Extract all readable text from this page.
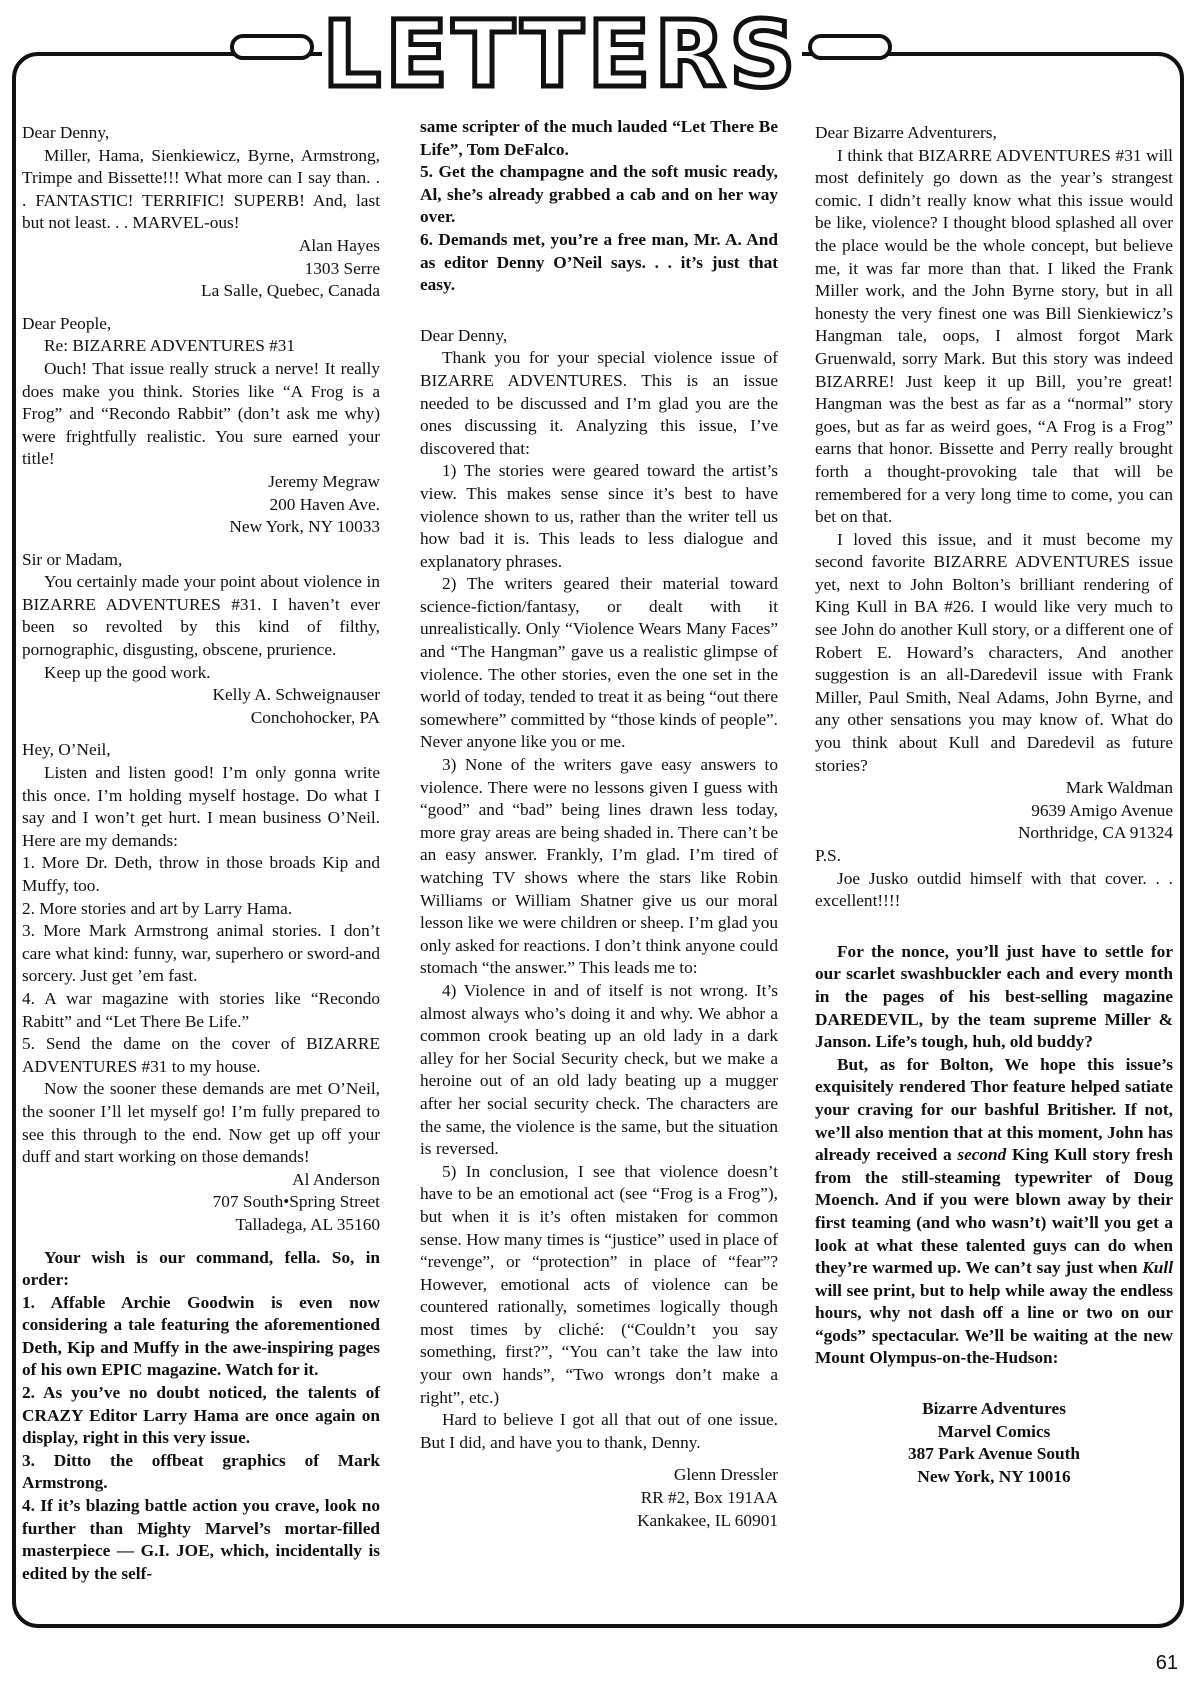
LETTERS

Dear Denny,

Miller, Hama, Sienkiewicz, Byrne, Armstrong, Trimpe and Bissette!!! What more can I say than. . . FANTASTIC! TERRIFIC! SUPERB! And, last but not least. . . MARVEL-ous!

Alan Hayes

1303 Serre

La Salle, Quebec, Canada

Dear People,

Re: BIZARRE ADVENTURES #31

Ouch! That issue really struck a nerve! It really does make you think. Stories like “A Frog is a Frog” and “Recondo Rabbit” (don’t ask me why) were frightfully realistic. You sure earned your title!

Jeremy Megraw

200 Haven Ave.

New York, NY 10033

Sir or Madam,

You certainly made your point about violence in BIZARRE ADVENTURES #31. I haven’t ever been so revolted by this kind of filthy, pornographic, disgusting, obscene, prurience.

Keep up the good work.

Kelly A. Schweignauser

Conchohocker, PA

Hey, O’Neil,

Listen and listen good! I’m only gonna write this once. I’m holding myself hostage. Do what I say and I won’t get hurt. I mean business O’Neil. Here are my demands:

1. More Dr. Deth, throw in those broads Kip and Muffy, too.

2. More stories and art by Larry Hama.

3. More Mark Armstrong animal stories. I don’t care what kind: funny, war, superhero or sword-and sorcery. Just get ’em fast.

4. A war magazine with stories like “Recondo Rabitt” and “Let There Be Life.”

5. Send the dame on the cover of BIZARRE ADVENTURES #31 to my house.

Now the sooner these demands are met O’Neil, the sooner I’ll let myself go! I’m fully prepared to see this through to the end. Now get up off your duff and start working on those demands!

Al Anderson

707 South•Spring Street

Talladega, AL 35160

Your wish is our command, fella. So, in order:

1. Affable Archie Goodwin is even now considering a tale featuring the aforementioned Deth, Kip and Muffy in the awe-inspiring pages of his own EPIC magazine. Watch for it.

2. As you’ve no doubt noticed, the talents of CRAZY Editor Larry Hama are once again on display, right in this very issue.

3. Ditto the offbeat graphics of Mark Armstrong.

4. If it’s blazing battle action you crave, look no further than Mighty Marvel’s mortar-filled masterpiece — G.I. JOE, which, incidentally is edited by the self-

same scripter of the much lauded “Let There Be Life”, Tom DeFalco.

5. Get the champagne and the soft music ready, Al, she’s already grabbed a cab and on her way over.

6. Demands met, you’re a free man, Mr. A. And as editor Denny O’Neil says. . . it’s just that easy.

Dear Denny,

Thank you for your special violence issue of BIZARRE ADVENTURES. This is an issue needed to be discussed and I’m glad you are the ones discussing it. Analyzing this issue, I’ve discovered that:

1) The stories were geared toward the artist’s view. This makes sense since it’s best to have violence shown to us, rather than the writer tell us how bad it is. This leads to less dialogue and explanatory phrases.

2) The writers geared their material toward science-fiction/fantasy, or dealt with it unrealistically. Only “Violence Wears Many Faces” and “The Hangman” gave us a realistic glimpse of violence. The other stories, even the one set in the world of today, tended to treat it as being “out there somewhere” committed by “those kinds of people”. Never anyone like you or me.

3) None of the writers gave easy answers to violence. There were no lessons given I guess with “good” and “bad” being lines drawn less today, more gray areas are being shaded in. There can’t be an easy answer. Frankly, I’m glad. I’m tired of watching TV shows where the stars like Robin Williams or William Shatner give us our moral lesson like we were children or sheep. I’m glad you only asked for reactions. I don’t think anyone could stomach “the answer.” This leads me to:

4) Violence in and of itself is not wrong. It’s almost always who’s doing it and why. We abhor a common crook beating up an old lady in a dark alley for her Social Security check, but we make a heroine out of an old lady beating up a mugger after her social security check. The characters are the same, the violence is the same, but the situation is reversed.

5) In conclusion, I see that violence doesn’t have to be an emotional act (see “Frog is a Frog”), but when it is it’s often mistaken for common sense. How many times is “justice” used in place of “revenge”, or “protection” in place of “fear”? However, emotional acts of violence can be countered rationally, sometimes logically though most times by cliché: (“Couldn’t you say something, first?”, “You can’t take the law into your own hands”, “Two wrongs don’t make a right”, etc.)

Hard to believe I got all that out of one issue. But I did, and have you to thank, Denny.

Glenn Dressler

RR #2, Box 191AA

Kankakee, IL 60901

Dear Bizarre Adventurers,

I think that BIZARRE ADVENTURES #31 will most definitely go down as the year’s strangest comic. I didn’t really know what this issue would be like, violence? I thought blood splashed all over the place would be the whole concept, but believe me, it was far more than that. I liked the Frank Miller work, and the John Byrne story, but in all honesty the very finest one was Bill Sienkiewicz’s Hangman tale, oops, I almost forgot Mark Gruenwald, sorry Mark. But this story was indeed BIZARRE! Just keep it up Bill, you’re great! Hangman was the best as far as a “normal” story goes, but as far as weird goes, “A Frog is a Frog” earns that honor. Bissette and Perry really brought forth a thought-provoking tale that will be remembered for a very long time to come, you can bet on that.

I loved this issue, and it must become my second favorite BIZARRE ADVENTURES issue yet, next to John Bolton’s brilliant rendering of King Kull in BA #26. I would like very much to see John do another Kull story, or a different one of Robert E. Howard’s characters, And another suggestion is an all-Daredevil issue with Frank Miller, Paul Smith, Neal Adams, John Byrne, and any other sensations you may know of. What do you think about Kull and Daredevil as future stories?

Mark Waldman

9639 Amigo Avenue

Northridge, CA 91324

P.S.

Joe Jusko outdid himself with that cover. . . excellent!!!!

For the nonce, you’ll just have to settle for our scarlet swashbuckler each and every month in the pages of his best-selling magazine DAREDEVIL, by the team supreme Miller & Janson. Life’s tough, huh, old buddy?

But, as for Bolton, We hope this issue’s exquisitely rendered Thor feature helped satiate your craving for our bashful Britisher. If not, we’ll also mention that at this moment, John has already received a second King Kull story fresh from the still-steaming typewriter of Doug Moench. And if you were blown away by their first teaming (and who wasn’t) wait’ll you get a look at what these talented guys can do when they’re warmed up. We can’t say just when Kull will see print, but to help while away the endless hours, why not dash off a line or two on our “gods” spectacular. We’ll be waiting at the new Mount Olympus-on-the-Hudson:

Bizarre Adventures

Marvel Comics

387 Park Avenue South

New York, NY 10016

61
